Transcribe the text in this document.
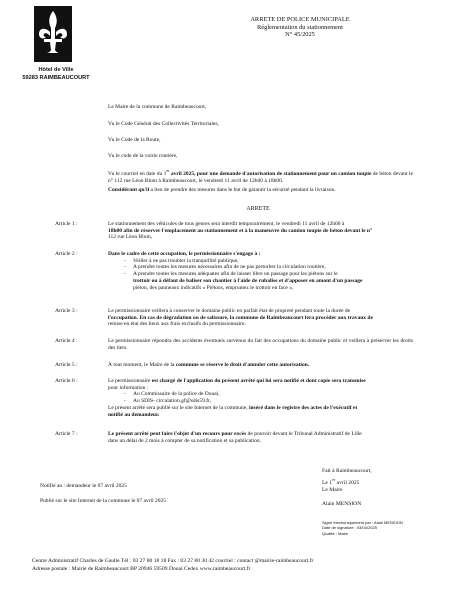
Hôtel de Ville
59283 RAIMBEAUCOURT
ARRETE DE POLICE MUNICIPALE
Réglementation du stationnement
N° 45/2025
Le Maire de la commune de Raimbeaucourt,
Vu le Code Général des Collectivités Territoriales,
Vu le Code de la Route,
Vu le code de la voirie routière,
Vu le courriel en date du 1er avril 2025, pour une demande d'autorisation de stationnement pour un camion toupie de béton devant le n° 112 rue Léon Blum à Raimbeaucourt, le vendredi 11 avril de 12h00 à 18h00.
Considérant qu'il a lieu de prendre des mesures dans le but de garantir la sécurité pendant la livraison.
ARRETE
Article 1 :	Le stationnement des véhicules de tous genres sera interdit temporairement, le vendredi 11 avril de 12h00 à
18h00 afin de réserver l'emplacement au stationnement et à la manœuvre du camion toupie de béton devant le n°
112 rue Léon Blum,
Article 2 :	Dans le cadre de cette occupation, le permissionnaire s'engage à :
- Veiller à ne pas troubler la tranquillité publique,
- A prendre toutes les mesures nécessaires afin de ne pas perturber la circulation routière,
- A prendre toutes les mesures adéquates afin de laisser libre un passage pour les piétons sur le
trottoir ou à défaut de baliser son chantier à l'aide de rubalise et d'apposer en amont d'un passage
piéton, des panneaux indicatifs « Piétons, empruntez le trottoir en face »,
Article 3 :	Le permissionnaire veillera à conserver le domaine public en parfait état de propreté pendant toute la durée de
l'occupation. En cas de dégradation ou de salissure, la commune de Raimbeaucourt fera procéder aux travaux de
remise en état des lieux aux frais exclusifs du permissionnaire.
Article 4 :	Le permissionnaire répondra des accidents éventuels survenus du fait des occupations du domaine public et veillera à préserver les droits des tiers.
Article 5 :	À tout moment, le Maire de la commune se réserve le droit d'annuler cette autorisation.
Article 6 :	Le permissionnaire est chargé de l'application du présent arrêté qui lui sera notifié et dont copie sera transmise
pour information :
- Au Commissaire de la police de Douai,
- Au SDIS- circulation.gf@sdis59.fr,
Le présent arrêté sera publié sur le site Internet de la commune, inséré dans le registre des actes de l'exécutif et
notifié au demandeur.
Article 7 :	Le présent arrêté peut faire l'objet d'un recours pour excès de pouvoir devant le Tribunal Administratif de Lille
dans un délai de 2 mois à compter de sa notification et sa publication.
Fait à Raimbeaucourt,
Le 1er avril 2025
Le Maire
Alain MENSION
Signé électroniquement par : Alain MENSION
Date de signature : 03/04/2025
Qualité : Maire
Notifié au : demandeur le 07 avril 2025
Publié sur le site Internet de la commune le 07 avril 2025
Centre Administratif Charles de Gaulle Tél : 03 27 80 18 18 Fax : 03 27 80 30 42 courriel : contact @mairie-raimbeaucourt.fr
Adresse postale : Mairie de Raimbeaucourt BP 20946 59509 Douai Cedex www.raimbeaucourt.fr
